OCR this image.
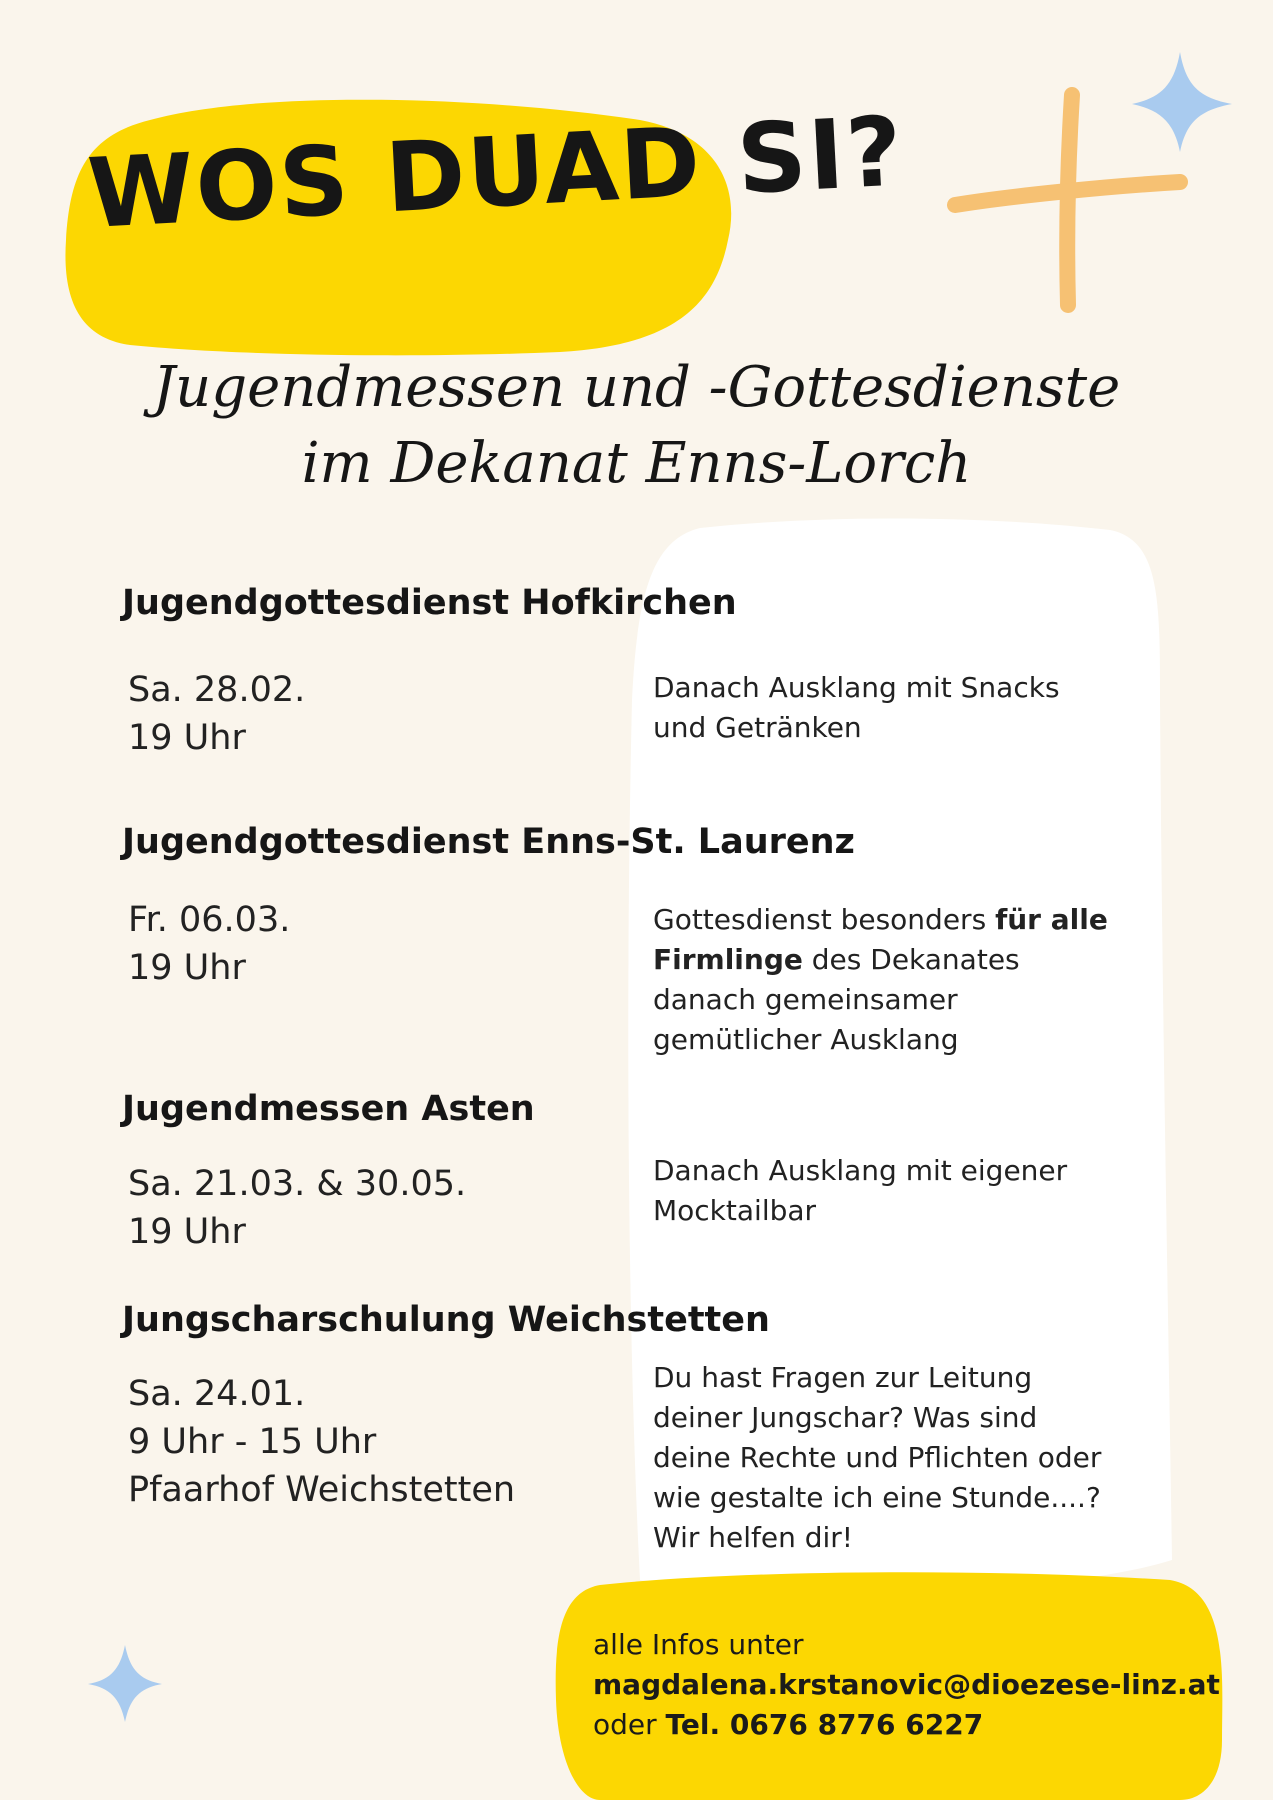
WOS DUAD SI?
Jugendmessen und -Gottesdienste
im Dekanat Enns-Lorch
Jugendgottesdienst Hofkirchen
Sa. 28.02.
19 Uhr
Danach Ausklang mit Snacks
und Getränken
Jugendgottesdienst Enns-St. Laurenz
Fr. 06.03.
19 Uhr
Gottesdienst besonders für alle
Firmlinge des Dekanates
danach gemeinsamer
gemütlicher Ausklang
Jugendmessen Asten
Sa. 21.03. & 30.05.
19 Uhr
Danach Ausklang mit eigener
Mocktailbar
Jungscharschulung Weichstetten
Sa. 24.01.
9 Uhr - 15 Uhr
Pfaarhof Weichstetten
Du hast Fragen zur Leitung
deiner Jungschar? Was sind
deine Rechte und Pflichten oder
wie gestalte ich eine Stunde....?
Wir helfen dir!
alle Infos unter
magdalena.krstanovic@dioezese-linz.at
oder Tel. 0676 8776 6227
